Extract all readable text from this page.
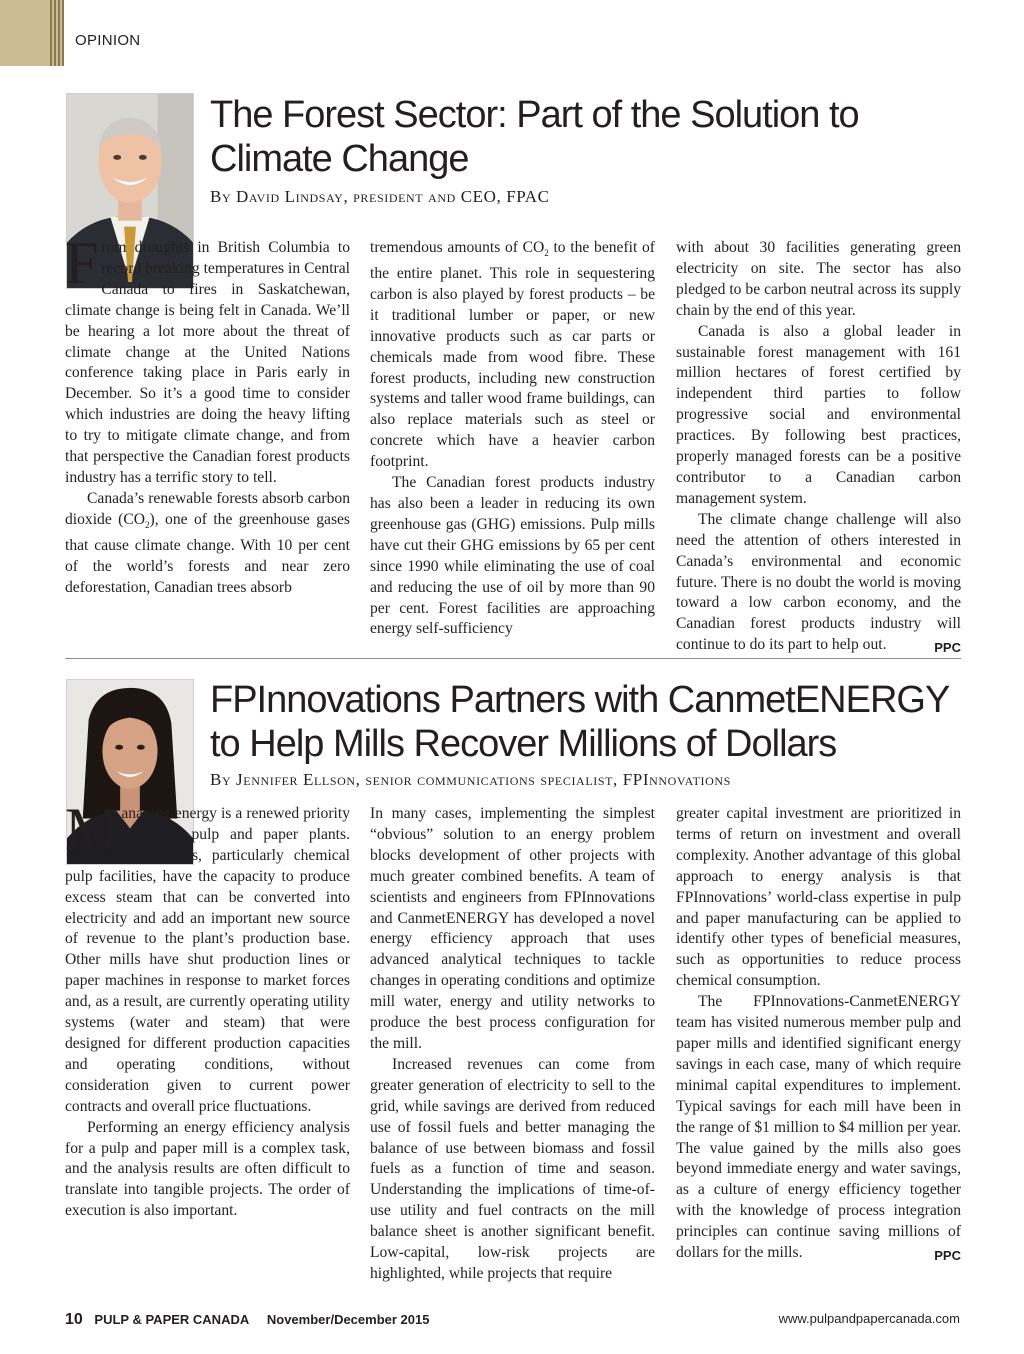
OPINION
The Forest Sector: Part of the Solution to Climate Change
By David Lindsay, president and CEO, FPAC
F rom droughts in British Columbia to record breaking temperatures in Central Canada to fires in Saskatchewan, climate change is being felt in Canada. We’ll be hearing a lot more about the threat of climate change at the United Nations conference taking place in Paris early in December. So it’s a good time to consider which industries are doing the heavy lifting to try to mitigate climate change, and from that perspective the Canadian forest products industry has a terrific story to tell.

Canada’s renewable forests absorb carbon dioxide $(CO_2)$, one of the greenhouse gases that cause climate change. With 10 per cent of the world’s forests and near zero deforestation, Canadian trees absorb

tremendous amounts of $CO_2$ to the benefit of the entire planet. This role in sequestering carbon is also played by forest products – be it traditional lumber or paper, or new innovative products such as car parts or chemicals made from wood fibre. These forest products, including new construction systems and taller wood frame buildings, can also replace materials such as steel or concrete which have a heavier carbon footprint.

The Canadian forest products industry has also been a leader in reducing its own greenhouse gas (GHG) emissions. Pulp mills have cut their GHG emissions by 65 per cent since 1990 while eliminating the use of coal and reducing the use of oil by more than 90 per cent. Forest facilities are approaching energy self-sufficiency

with about 30 facilities generating green electricity on site. The sector has also pledged to be carbon neutral across its supply chain by the end of this year.

Canada is also a global leader in sustainable forest management with 161 million hectares of forest certified by independent third parties to follow progressive social and environmental practices. By following best practices, properly managed forests can be a positive contributor to a Canadian carbon management system.

The climate change challenge will also need the attention of others interested in Canada’s environmental and economic future. There is no doubt the world is moving toward a low carbon economy, and the Canadian forest products industry will continue to do its part to help out.	PPC

FPInnovations Partners with CanmetENERGY to Help Mills Recover Millions of Dollars
By Jennifer Ellson, senior communications specialist, FPInnovations
M anaging energy is a renewed priority for most pulp and paper plants. Some mills, particularly chemical pulp facilities, have the capacity to produce excess steam that can be converted into electricity and add an important new source of revenue to the plant’s production base. Other mills have shut production lines or paper machines in response to market forces and, as a result, are currently operating utility systems (water and steam) that were designed for different production capacities and operating conditions, without consideration given to current power contracts and overall price fluctuations.

Performing an energy efficiency analysis for a pulp and paper mill is a complex task, and the analysis results are often difficult to translate into tangible projects. The order of execution is also important.

In many cases, implementing the simplest “obvious” solution to an energy problem blocks development of other projects with much greater combined benefits. A team of scientists and engineers from FPInnovations and CanmetENERGY has developed a novel energy efficiency approach that uses advanced analytical techniques to tackle changes in operating conditions and optimize mill water, energy and utility networks to produce the best process configuration for the mill.

Increased revenues can come from greater generation of electricity to sell to the grid, while savings are derived from reduced use of fossil fuels and better managing the balance of use between biomass and fossil fuels as a function of time and season. Understanding the implications of time-of-use utility and fuel contracts on the mill balance sheet is another significant benefit. Low-capital, low-risk projects are highlighted, while projects that require

greater capital investment are prioritized in terms of return on investment and overall complexity. Another advantage of this global approach to energy analysis is that FPInnovations’ world-class expertise in pulp and paper manufacturing can be applied to identify other types of beneficial measures, such as opportunities to reduce process chemical consumption.

The FPInnovations-CanmetENERGY team has visited numerous member pulp and paper mills and identified significant energy savings in each case, many of which require minimal capital expenditures to implement. Typical savings for each mill have been in the range of $1 million to $4 million per year. The value gained by the mills also goes beyond immediate energy and water savings, as a culture of energy efficiency together with the knowledge of process integration principles can continue saving millions of dollars for the mills.	PPC

10 PULP & PAPER CANADA November/December 2015	www.pulpandpapercanada.com
